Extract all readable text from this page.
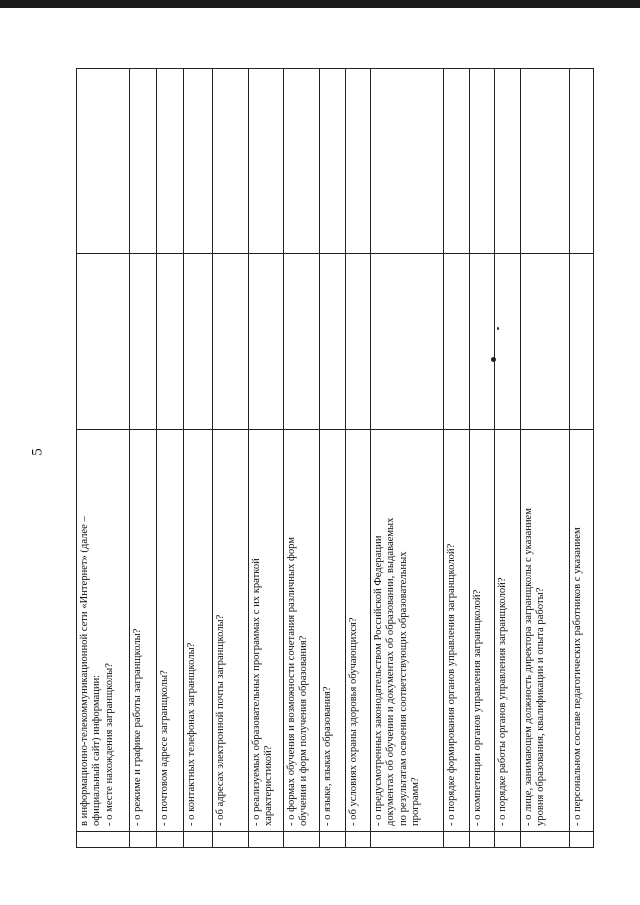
5
в информационно-телекоммуникационной сети «Интернет» (далее – официальный сайт) информации: - о месте нахождения загранщколы? - о режиме и графике работы загранщколы? - о почтовом адресе загранщколы? - о контактных телефонах загранщколы? - об адресах электронной почты загранщколы? - о реализуемых образовательных программах с их краткой характеристикой? - о формах обучения и возможности сочетания различных форм обучения и форм получения образования? - о языке, языках образования? - об условиях охраны здоровья обучающихся? - о предусмотренных законодательством Российской Федерации документах об обучении и документах об образовании, выдаваемых по результатам освоения соответствующих образовательных программ? - о порядке формирования органов управления загранщколой? - о компетенции органов управления загранщколой? - о порядке работы органов управления загранщколой? - о лице, занимающем должность директора загранщколы с указанием уровня образования, квалификации и опыта работы? - о персональном составе педагогических работников с указанием
